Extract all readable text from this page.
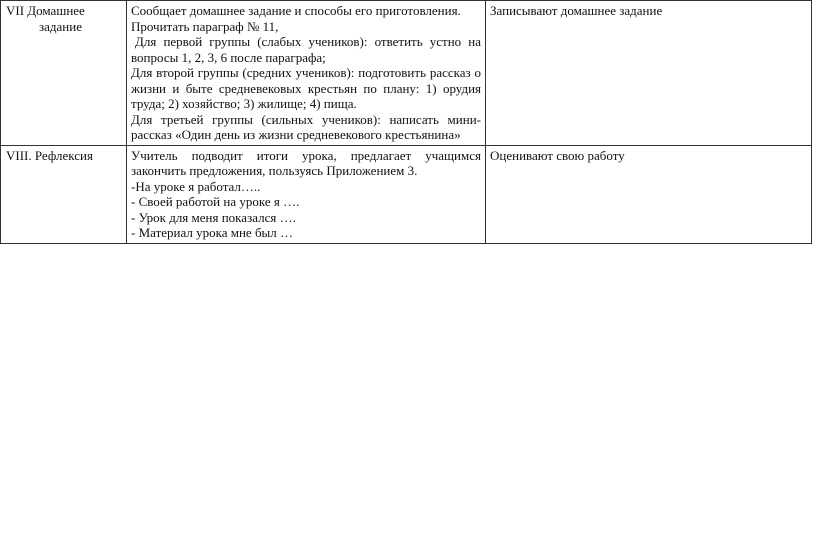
VII Домашнее
задание	Сообщает домашнее задание и способы его приготовления.
Прочитать параграф № 11,
Для первой группы (слабых учеников): ответить устно на вопросы 1, 2, 3, 6 после параграфа;
Для второй группы (средних учеников): подготовить рассказ о жизни и быте средневековых крестьян по плану: 1) орудия труда; 2) хозяйство; 3) жилище; 4) пища.
Для третьей группы (сильных учеников): написать мини-рассказ «Один день из жизни средневекового крестьянина»	Записывают домашнее задание

VIII. Рефлексия	Учитель подводит итоги урока, предлагает учащимся закончить предложения, пользуясь Приложением 3.
-На уроке я работал…..
- Своей работой на уроке я ….
- Урок для меня показался ….
- Материал урока мне был …	Оценивают свою работу
